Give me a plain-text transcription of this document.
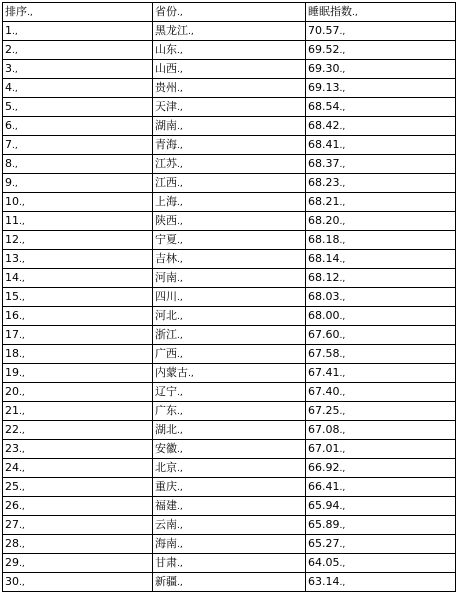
排序.,	省份.,	睡眠指数.,
1.,	黑龙江.,	70.57.,
2.,	山东.,	69.52.,
3.,	山西.,	69.30.,
4.,	贵州.,	69.13.,
5.,	天津.,	68.54.,
6.,	湖南.,	68.42.,
7.,	青海.,	68.41.,
8.,	江苏.,	68.37.,
9.,	江西.,	68.23.,
10.,	上海.,	68.21.,
11.,	陕西.,	68.20.,
12.,	宁夏.,	68.18.,
13.,	吉林.,	68.14.,
14.,	河南.,	68.12.,
15.,	四川.,	68.03.,
16.,	河北.,	68.00.,
17.,	浙江.,	67.60.,
18.,	广西.,	67.58.,
19.,	内蒙古.,	67.41.,
20.,	辽宁.,	67.40.,
21.,	广东.,	67.25.,
22.,	湖北.,	67.08.,
23.,	安徽.,	67.01.,
24.,	北京.,	66.92.,
25.,	重庆.,	66.41.,
26.,	福建.,	65.94.,
27.,	云南.,	65.89.,
28.,	海南.,	65.27.,
29.,	甘肃.,	64.05.,
30.,	新疆.,	63.14.,
